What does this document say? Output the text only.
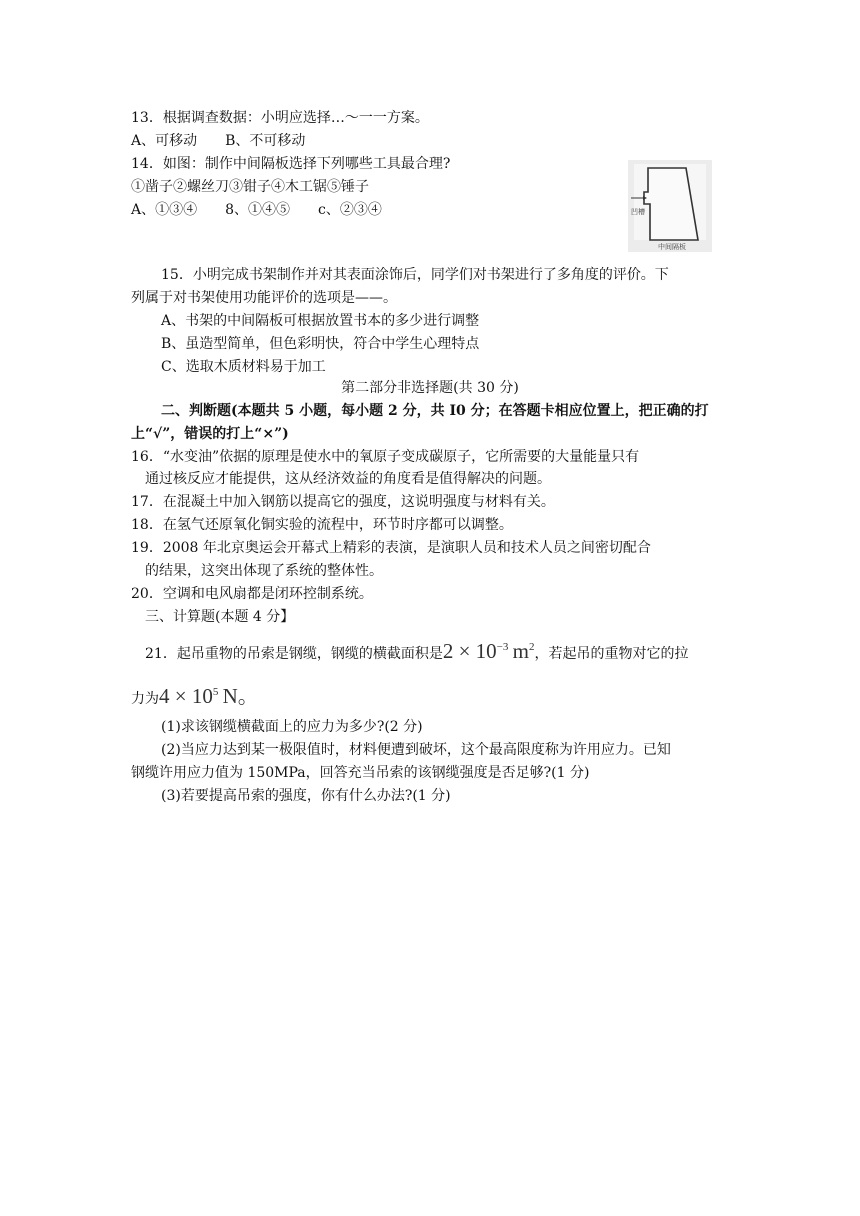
13．根据调查数据：小明应选择…～一一方案。
A、可移动　　B、不可移动
14．如图：制作中间隔板选择下列哪些工具最合理?
①凿子②螺丝刀③钳子④木工锯⑤锤子
A、①③④　　8、①④⑤　　c、②③④	凹槽
中间隔板
15．小明完成书架制作并对其表面涂饰后，同学们对书架进行了多角度的评价。下
列属于对书架使用功能评价的选项是——。
A、书架的中间隔板可根据放置书本的多少进行调整
B、虽造型简单，但色彩明快，符合中学生心理特点
C、选取木质材料易于加工
第二部分非选择题(共 30 分)
二、判断题(本题共 5 小题，每小题 2 分，共 I0 分；在答题卡相应位置上，把正确的打
上“√”，错误的打上“×”)
16．“水变油”依据的原理是使水中的氧原子变成碳原子，它所需要的大量能量只有
通过核反应才能提供，这从经济效益的角度看是值得解决的问题。
17．在混凝土中加入钢筋以提高它的强度，这说明强度与材料有关。
18．在氢气还原氧化铜实验的流程中，环节时序都可以调整。
19．2008 年北京奥运会开幕式上精彩的表演，是演职人员和技术人员之间密切配合
的结果，这突出体现了系统的整体性。
20．空调和电风扇都是闭环控制系统。
三、计算题(本题 4 分】
21．起吊重物的吊索是钢缆，钢缆的横截面积是$2 \times 10^{-3}$  $m^2$，若起吊的重物对它的拉
力为$4 \times 10^5$  N。
(1)求该钢缆横截面上的应力为多少?(2 分)
(2)当应力达到某一极限值时，材料便遭到破坏，这个最高限度称为许用应力。已知
钢缆许用应力值为 150MPa，回答充当吊索的该钢缆强度是否足够?(1 分)
(3)若要提高吊索的强度，你有什么办法?(1 分)
